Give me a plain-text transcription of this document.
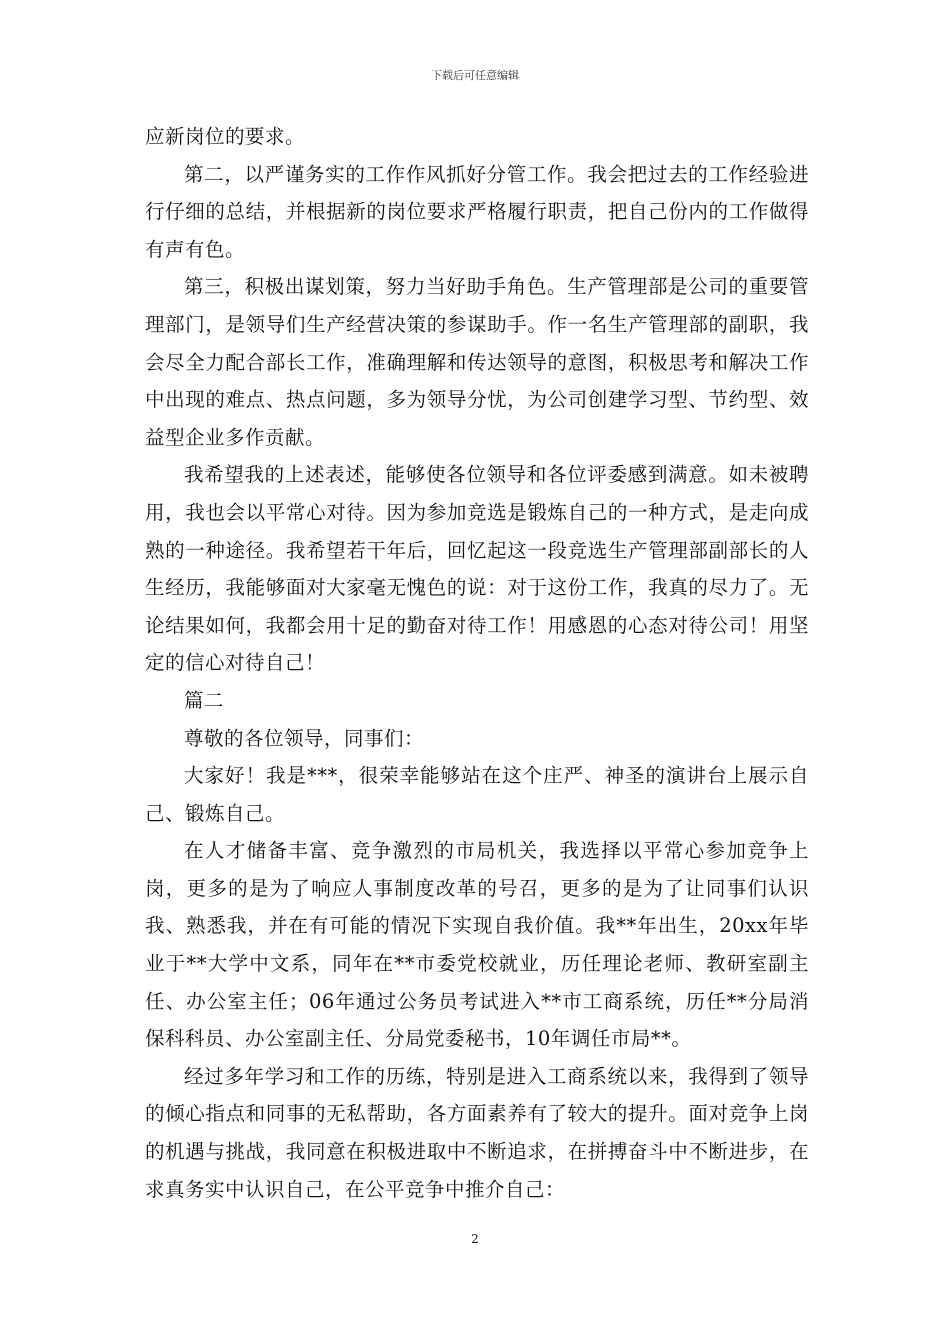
下载后可任意编辑

应新岗位的要求。

第二，以严谨务实的工作作风抓好分管工作。我会把过去的工作经验进行仔细的总结，并根据新的岗位要求严格履行职责，把自己份内的工作做得有声有色。

第三，积极出谋划策，努力当好助手角色。生产管理部是公司的重要管理部门，是领导们生产经营决策的参谋助手。作一名生产管理部的副职，我会尽全力配合部长工作，准确理解和传达领导的意图，积极思考和解决工作中出现的难点、热点问题，多为领导分忧，为公司创建学习型、节约型、效益型企业多作贡献。

我希望我的上述表述，能够使各位领导和各位评委感到满意。如未被聘用，我也会以平常心对待。因为参加竞选是锻炼自己的一种方式，是走向成熟的一种途径。我希望若干年后，回忆起这一段竞选生产管理部副部长的人生经历，我能够面对大家毫无愧色的说：对于这份工作，我真的尽力了。无论结果如何，我都会用十足的勤奋对待工作！用感恩的心态对待公司！用坚定的信心对待自己！

篇二

尊敬的各位领导，同事们：

大家好！我是***，很荣幸能够站在这个庄严、神圣的演讲台上展示自己、锻炼自己。

在人才储备丰富、竞争激烈的市局机关，我选择以平常心参加竞争上岗，更多的是为了响应人事制度改革的号召，更多的是为了让同事们认识我、熟悉我，并在有可能的情况下实现自我价值。我**年出生，20xx年毕业于**大学中文系，同年在**市委党校就业，历任理论老师、教研室副主任、办公室主任；06年通过公务员考试进入**市工商系统，历任**分局消保科科员、办公室副主任、分局党委秘书，10年调任市局**。

经过多年学习和工作的历练，特别是进入工商系统以来，我得到了领导的倾心指点和同事的无私帮助，各方面素养有了较大的提升。面对竞争上岗的机遇与挑战，我同意在积极进取中不断追求，在拼搏奋斗中不断进步，在求真务实中认识自己，在公平竞争中推介自己：

2
